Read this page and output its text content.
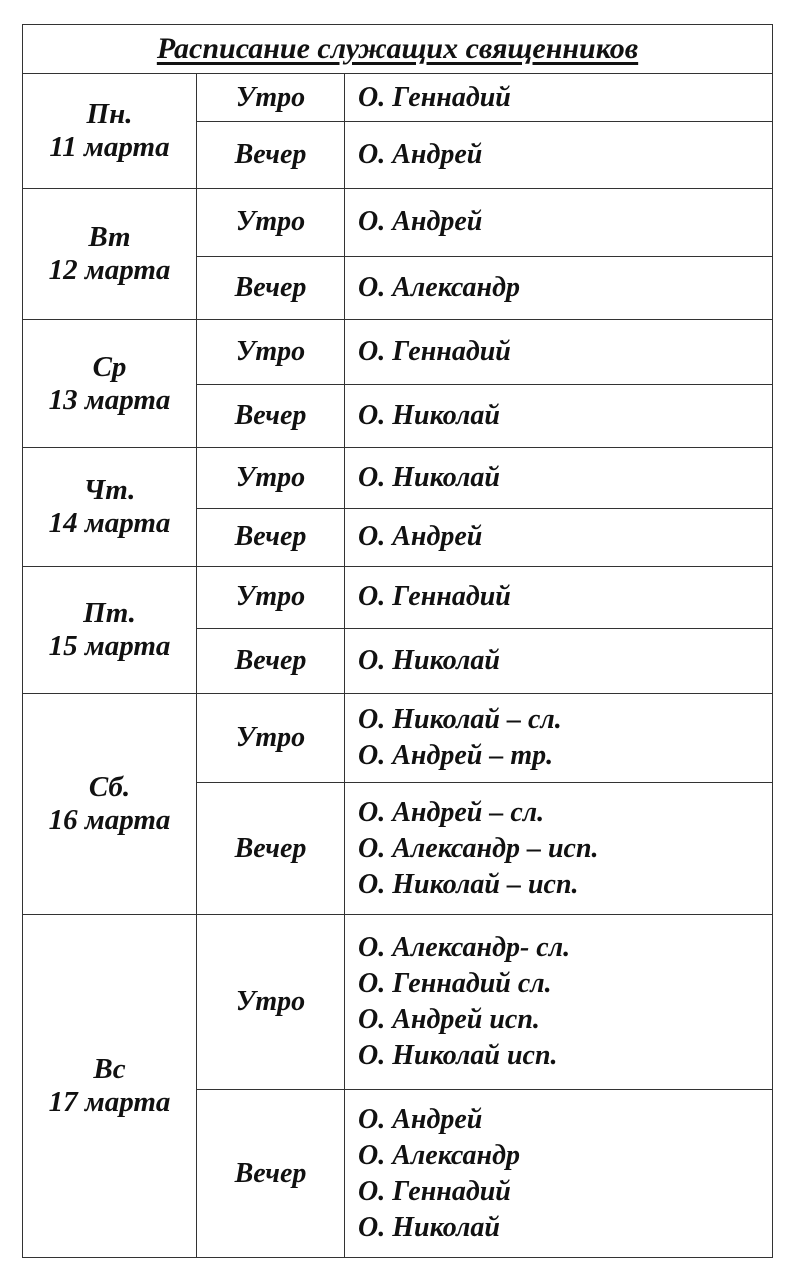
Расписание служащих священников		

Пн.
11 марта	Утро	О. Геннадий

	Вечер	О. Андрей

Вт
12 марта	Утро	О. Андрей

	Вечер	О. Александр

Ср
13 марта	Утро	О. Геннадий

	Вечер	О. Николай

Чт.
14 марта	Утро	О. Николай

	Вечер	О. Андрей

Пт.
15 марта	Утро	О. Геннадий

	Вечер	О. Николай

Сб.
16 марта	Утро	О. Николай – сл.
О. Андрей – тр.

	Вечер	О. Андрей – сл.
О. Александр – исп.
О. Николай – исп.

Вс
17 марта	Утро	О. Александр- сл.
О. Геннадий сл.
О. Андрей исп.
О. Николай исп.

	Вечер	О. Андрей
О. Александр
О. Геннадий
О. Николай
